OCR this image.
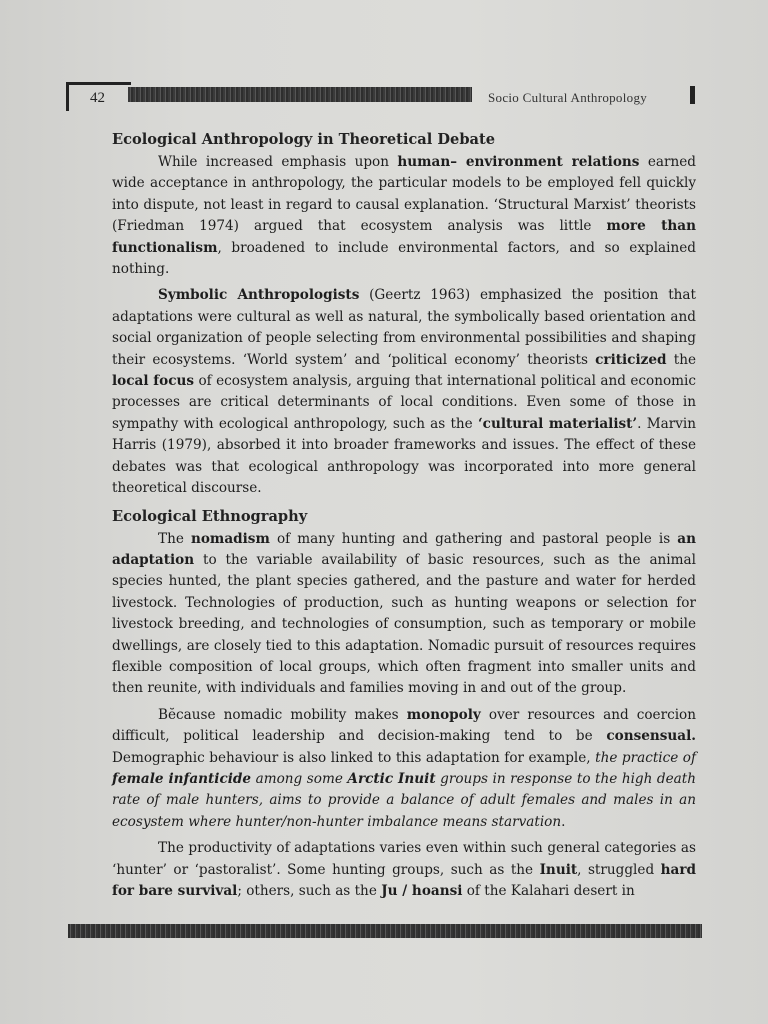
42	Socio Cultural Anthropology
Ecological Anthropology in Theoretical Debate

While increased emphasis upon human– environment relations earned wide acceptance in anthropology, the particular models to be employed fell quickly into dispute, not least in regard to causal explanation. ‘Structural Marxist’ theorists (Friedman 1974) argued that ecosystem analysis was little more than functionalism, broadened to include environmental factors, and so explained nothing.

Symbolic Anthropologists (Geertz 1963) emphasized the position that adaptations were cultural as well as natural, the symbolically based orientation and social organization of people selecting from environmental possibilities and shaping their ecosystems. ‘World system’ and ‘political economy’ theorists criticized the local focus of ecosystem analysis, arguing that international political and economic processes are critical determinants of local conditions. Even some of those in sympathy with ecological anthropology, such as the ‘cultural materialist’. Marvin Harris (1979), absorbed it into broader frameworks and issues. The effect of these debates was that ecological anthropology was incorporated into more general theoretical discourse.

Ecological Ethnography

The nomadism of many hunting and gathering and pastoral people is an adaptation to the variable availability of basic resources, such as the animal species hunted, the plant species gathered, and the pasture and water for herded livestock. Technologies of production, such as hunting weapons or selection for livestock breeding, and technologies of consumption, such as temporary or mobile dwellings, are closely tied to this adaptation. Nomadic pursuit of resources requires flexible composition of local groups, which often fragment into smaller units and then reunite, with individuals and families moving in and out of the group.

Bĕcause nomadic mobility makes monopoly over resources and coercion difficult, political leadership and decision-making tend to be consensual. Demographic behaviour is also linked to this adaptation for example, the practice of female infanticide among some Arctic Inuit groups in response to the high death rate of male hunters, aims to provide a balance of adult females and males in an ecosystem where hunter/non-hunter imbalance means starvation.

The productivity of adaptations varies even within such general categories as ‘hunter’ or ‘pastoralist’. Some hunting groups, such as the Inuit, struggled hard for bare survival; others, such as the Ju / hoansi of the Kalahari desert in
